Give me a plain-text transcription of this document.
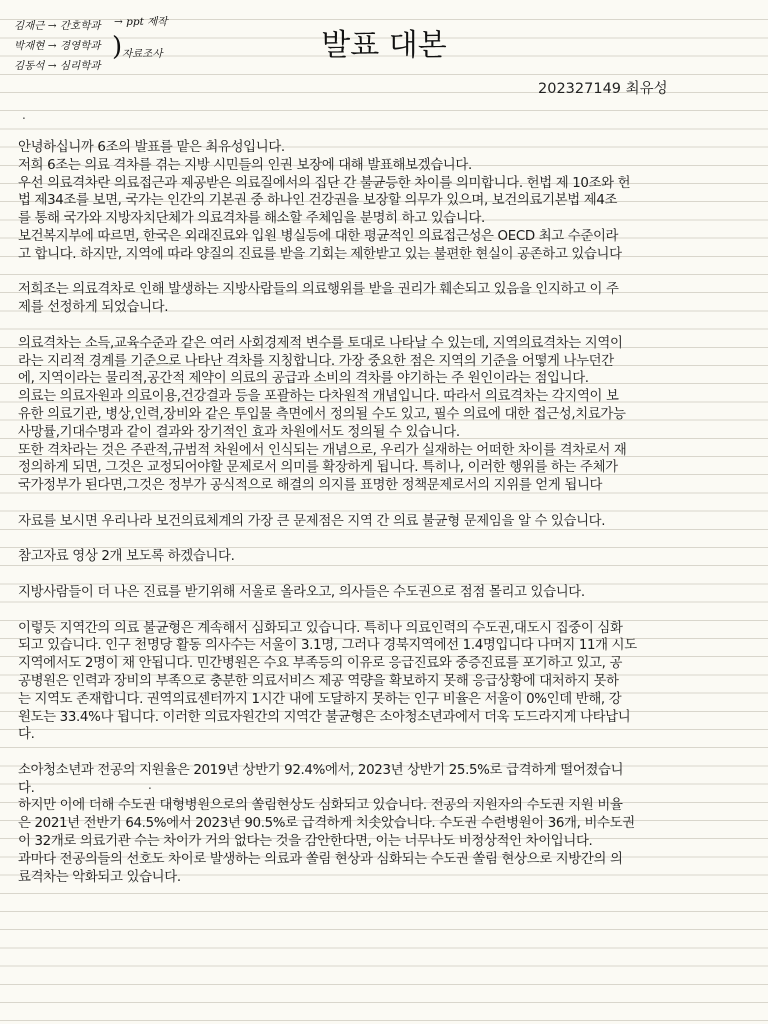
김재근 → 간호학과
박재현 → 경영학과
김동석 → 심리학과
→ ppt 제작
) 자료조사	발표 대본
202327149 최유성
.
.
안녕하십니까 6조의 발표를 맡은 최유성입니다.
저희 6조는 의료 격차를 겪는 지방 시민들의 인권 보장에 대해 발표해보겠습니다.
우선 의료격차란 의료접근과 제공받은 의료질에서의 집단 간 불균등한 차이를 의미합니다. 헌법 제 10조와 헌
법 제34조를 보면, 국가는 인간의 기본권 중 하나인 건강권을 보장할 의무가 있으며, 보건의료기본법 제4조
를 통해 국가와 지방자치단체가 의료격차를 해소할 주체임을 분명히 하고 있습니다.
보건복지부에 따르면, 한국은 외래진료와 입원 병실등에 대한 평균적인 의료접근성은 OECD 최고 수준이라
고 합니다. 하지만, 지역에 따라 양질의 진료를 받을 기회는 제한받고 있는 불편한 현실이 공존하고 있습니다
저희조는 의료격차로 인해 발생하는 지방사람들의 의료행위를 받을 권리가 훼손되고 있음을 인지하고 이 주
제를 선정하게 되었습니다.
의료격차는 소득,교육수준과 같은 여러 사회경제적 변수를 토대로 나타날 수 있는데, 지역의료격차는 지역이
라는 지리적 경계를 기준으로 나타난 격차를 지칭합니다. 가장 중요한 점은 지역의 기준을 어떻게 나누던간
에, 지역이라는 물리적,공간적 제약이 의료의 공급과 소비의 격차를 야기하는 주 원인이라는 점입니다.
의료는 의료자원과 의료이용,건강결과 등을 포괄하는 다차원적 개념입니다. 따라서 의료격차는 각지역이 보
유한 의료기관, 병상,인력,장비와 같은 투입물 측면에서 정의될 수도 있고, 필수 의료에 대한 접근성,치료가능
사망률,기대수명과 같이 결과와 장기적인 효과 차원에서도 정의될 수 있습니다.
또한 격차라는 것은 주관적,규범적 차원에서 인식되는 개념으로, 우리가 실재하는 어떠한 차이를 격차로서 재
정의하게 되면, 그것은 교정되어야할 문제로서 의미를 확장하게 됩니다. 특히나, 이러한 행위를 하는 주체가
국가정부가 된다면,그것은 정부가 공식적으로 해결의 의지를 표명한 정책문제로서의 지위를 얻게 됩니다
자료를 보시면 우리나라 보건의료체계의 가장 큰 문제점은 지역 간 의료 불균형 문제임을 알 수 있습니다.
참고자료 영상 2개 보도록 하겠습니다.
지방사람들이 더 나은 진료를 받기위해 서울로 올라오고, 의사들은 수도권으로 점점 몰리고 있습니다.
이렇듯 지역간의 의료 불균형은 계속해서 심화되고 있습니다. 특히나 의료인력의 수도권,대도시 집중이 심화
되고 있습니다. 인구 천명당 활동 의사수는 서울이 3.1명, 그러나 경북지역에선 1.4명입니다 나머지 11개 시도
지역에서도 2명이 채 안됩니다. 민간병원은 수요 부족등의 이유로 응급진료와 중증진료를 포기하고 있고, 공
공병원은 인력과 장비의 부족으로 충분한 의료서비스 제공 역량을 확보하지 못해 응급상황에 대처하지 못하
는 지역도 존재합니다. 권역의료센터까지 1시간 내에 도달하지 못하는 인구 비율은 서울이 0%인데 반해, 강
원도는 33.4%나 됩니다. 이러한 의료자원간의 지역간 불균형은 소아청소년과에서 더욱 도드라지게 나타납니
다.
소아청소년과 전공의 지원율은 2019년 상반기 92.4%에서, 2023년 상반기 25.5%로 급격하게 떨어졌습니
다.
하지만 이에 더해 수도권 대형병원으로의 쏠림현상도 심화되고 있습니다. 전공의 지원자의 수도권 지원 비율
은 2021년 전반기 64.5%에서 2023년 90.5%로 급격하게 치솟았습니다. 수도권 수련병원이 36개, 비수도권
이 32개로 의료기관 수는 차이가 거의 없다는 것을 감안한다면, 이는 너무나도 비정상적인 차이입니다.
과마다 전공의들의 선호도 차이로 발생하는 의료과 쏠림 현상과 심화되는 수도권 쏠림 현상으로 지방간의 의
료격차는 악화되고 있습니다.
